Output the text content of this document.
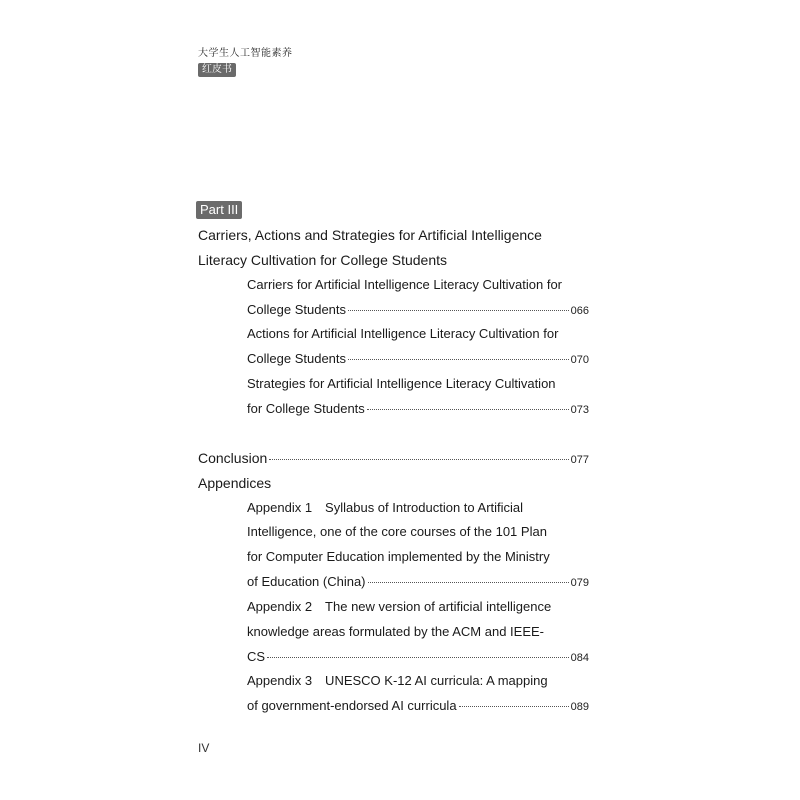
大学生人工智能素养
红皮书
Part III
Carriers, Actions and Strategies for Artificial Intelligence
Literacy Cultivation for College Students
Carriers for Artificial Intelligence Literacy Cultivation for
College Students	066
Actions for Artificial Intelligence Literacy Cultivation for
College Students	070
Strategies for Artificial Intelligence Literacy Cultivation
for College Students	073
Conclusion	077
Appendices
Appendix 1　Syllabus of Introduction to Artificial
Intelligence, one of the core courses of the 101 Plan
for Computer Education implemented by the Ministry
of Education (China)	079
Appendix 2　The new version of artificial intelligence
knowledge areas formulated by the ACM and IEEE-
CS	084
Appendix 3　UNESCO K-12 AI curricula: A mapping
of government-endorsed AI curricula	089
IV
